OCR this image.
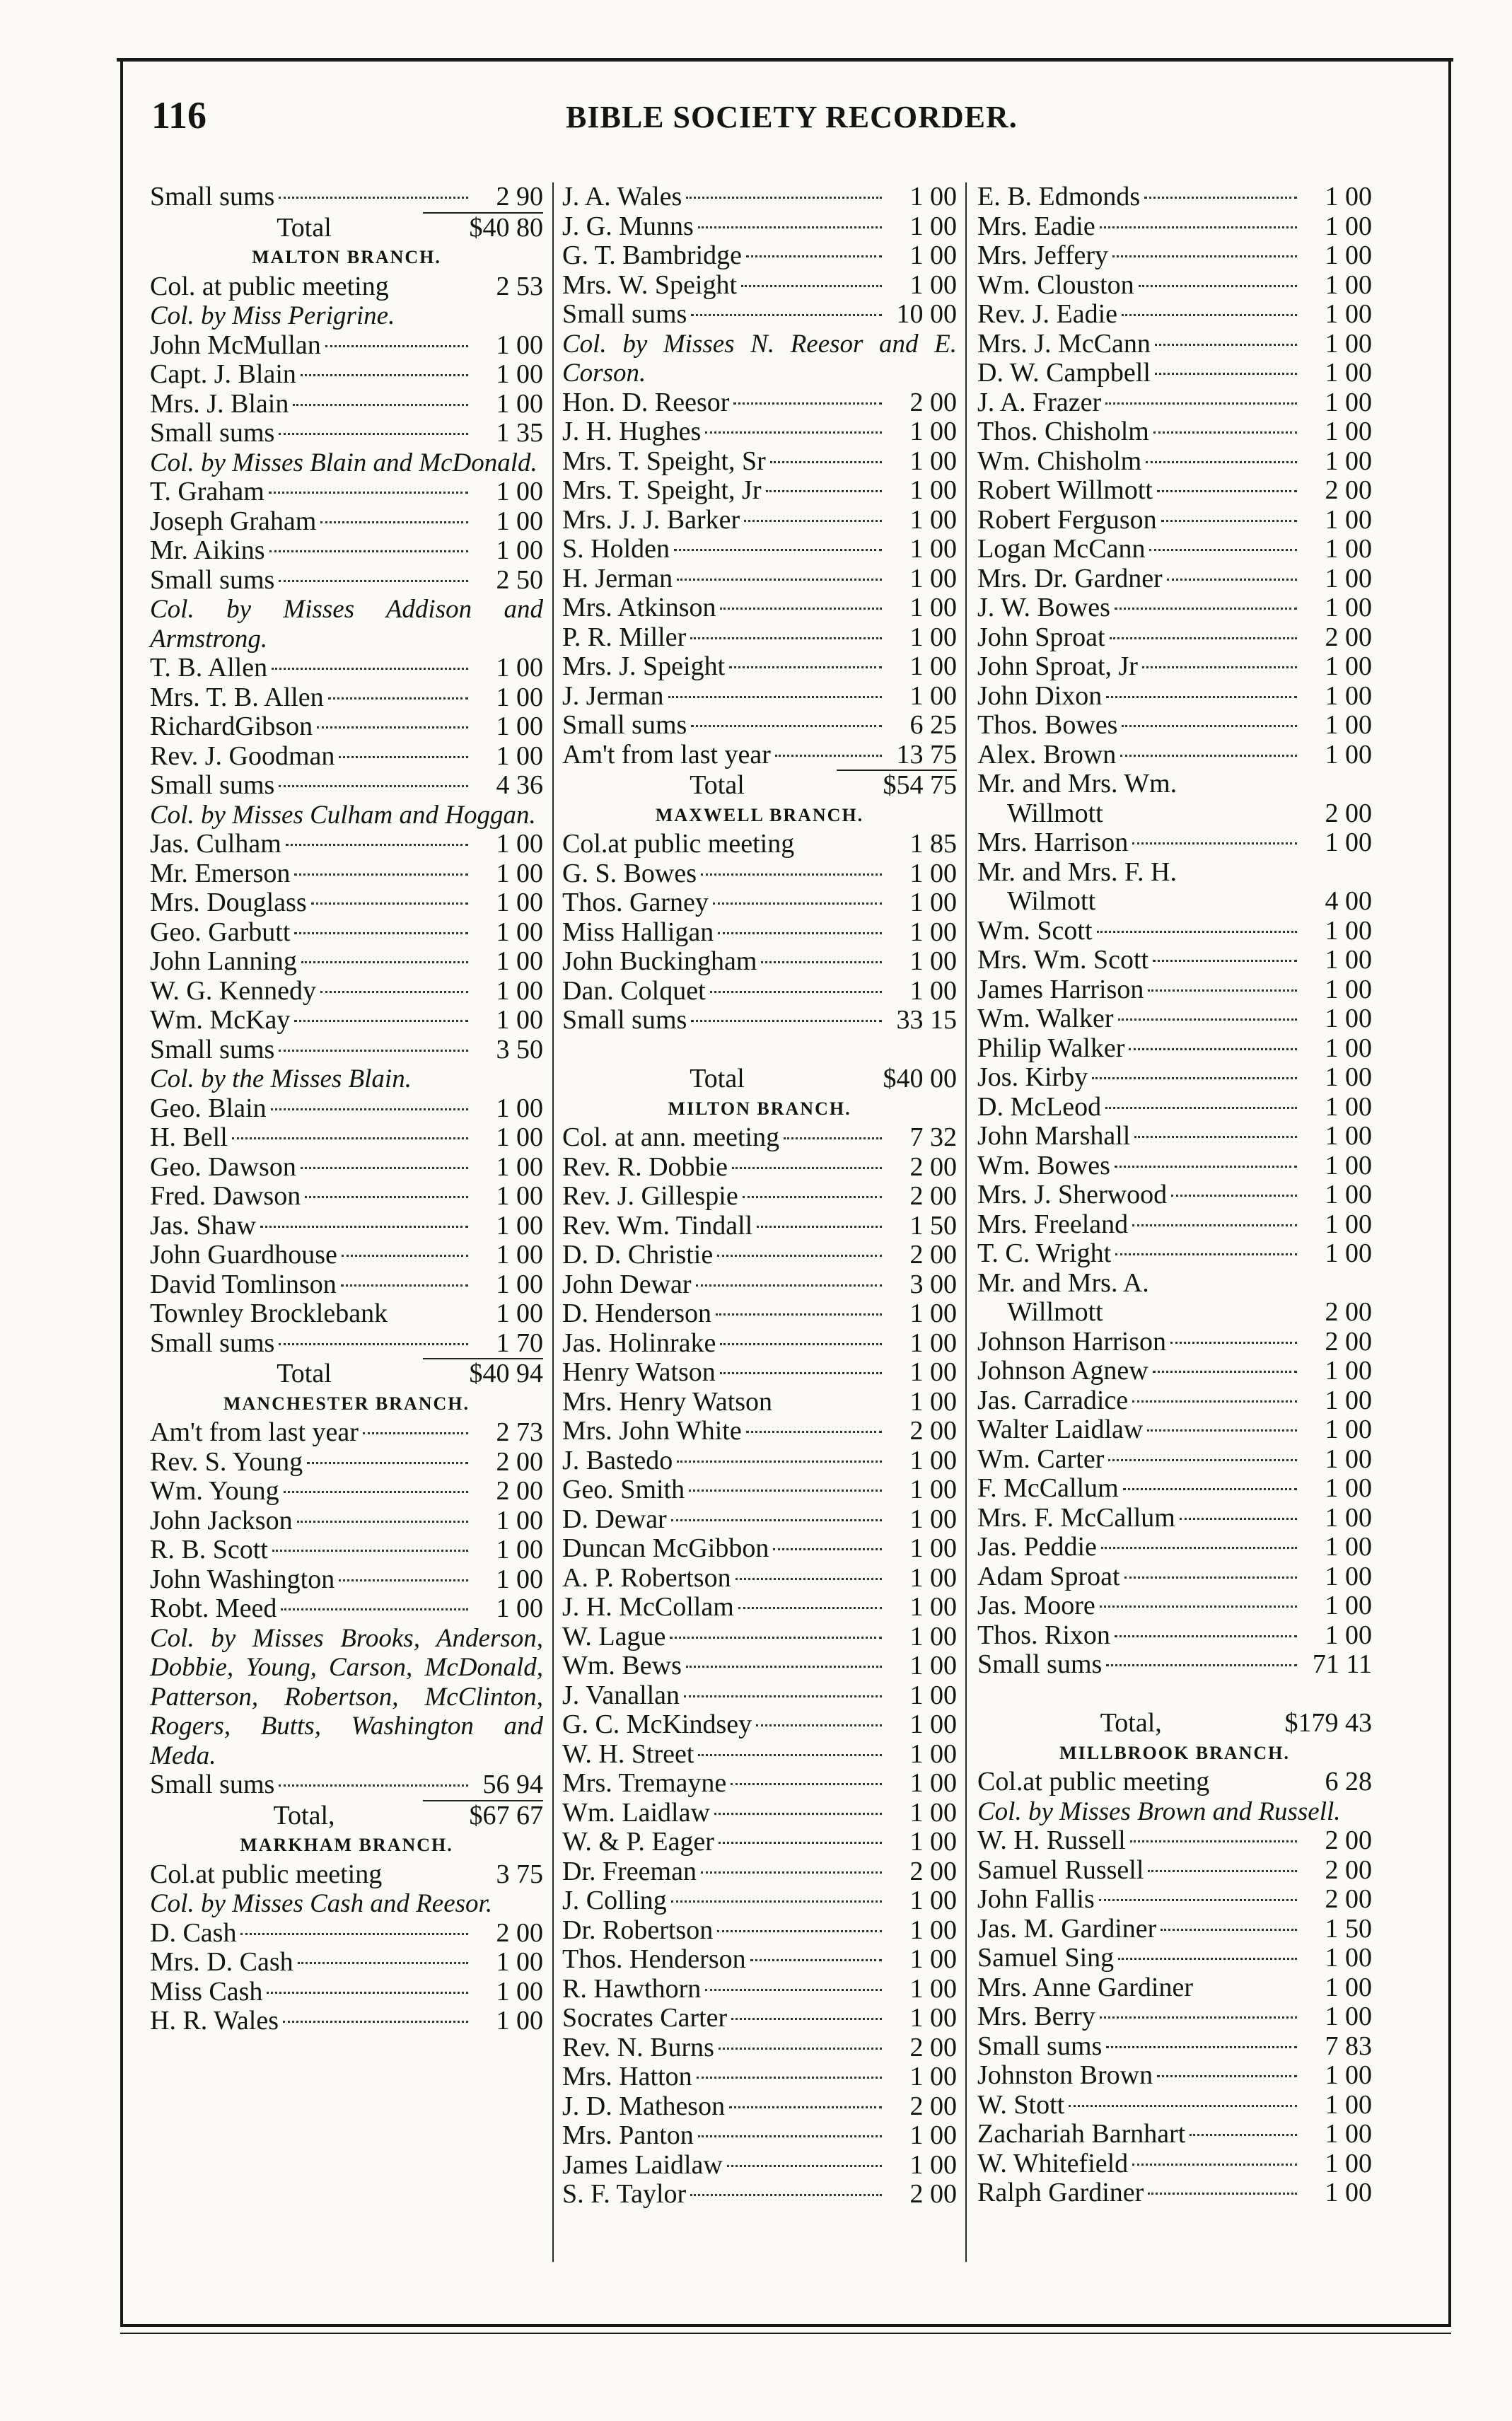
116	BIBLE SOCIETY RECORDER.
Small sums	2 90
Total	$40 80
MALTON BRANCH.
Col. at public meeting	2 53
Col. by Miss Perigrine.
John McMullan	1 00
Capt. J. Blain	1 00
Mrs. J. Blain	1 00
Small sums	1 35
Col. by Misses Blain and McDonald.
T. Graham	1 00
Joseph Graham	1 00
Mr. Aikins	1 00
Small sums	2 50
Col. by Misses Addison and Armstrong.
T. B. Allen	1 00
Mrs. T. B. Allen	1 00
RichardGibson	1 00
Rev. J. Goodman	1 00
Small sums	4 36
Col. by Misses Culham and Hoggan.
Jas. Culham	1 00
Mr. Emerson	1 00
Mrs. Douglass	1 00
Geo. Garbutt	1 00
John Lanning	1 00
W. G. Kennedy	1 00
Wm. McKay	1 00
Small sums	3 50
Col. by the Misses Blain.
Geo. Blain	1 00
H. Bell	1 00
Geo. Dawson	1 00
Fred. Dawson	1 00
Jas. Shaw	1 00
John Guardhouse	1 00
David Tomlinson	1 00
Townley Brocklebank	1 00
Small sums	1 70
Total	$40 94
MANCHESTER BRANCH.
Am't from last year	2 73
Rev. S. Young	2 00
Wm. Young	2 00
John Jackson	1 00
R. B. Scott	1 00
John Washington	1 00
Robt. Meed	1 00
Col. by Misses Brooks, Anderson, Dobbie, Young, Carson, McDonald, Patterson, Robertson, McClinton, Rogers, Butts, Washington and Meda.
Small sums	56 94
Total,	$67 67
MARKHAM BRANCH.
Col.at public meeting	3 75
Col. by Misses Cash and Reesor.
D. Cash	2 00
Mrs. D. Cash	1 00
Miss Cash	1 00
H. R. Wales	1 00
J. A. Wales	1 00
J. G. Munns	1 00
G. T. Bambridge	1 00
Mrs. W. Speight	1 00
Small sums	10 00
Col. by Misses N. Reesor and E. Corson.
Hon. D. Reesor	2 00
J. H. Hughes	1 00
Mrs. T. Speight, Sr	1 00
Mrs. T. Speight, Jr	1 00
Mrs. J. J. Barker	1 00
S. Holden	1 00
H. Jerman	1 00
Mrs. Atkinson	1 00
P. R. Miller	1 00
Mrs. J. Speight	1 00
J. Jerman	1 00
Small sums	6 25
Am't from last year	13 75
Total	$54 75
MAXWELL BRANCH.
Col.at public meeting	1 85
G. S. Bowes	1 00
Thos. Garney	1 00
Miss Halligan	1 00
John Buckingham	1 00
Dan. Colquet	1 00
Small sums	33 15
Total	$40 00
MILTON BRANCH.
Col. at ann. meeting	7 32
Rev. R. Dobbie	2 00
Rev. J. Gillespie	2 00
Rev. Wm. Tindall	1 50
D. D. Christie	2 00
John Dewar	3 00
D. Henderson	1 00
Jas. Holinrake	1 00
Henry Watson	1 00
Mrs. Henry Watson	1 00
Mrs. John White	2 00
J. Bastedo	1 00
Geo. Smith	1 00
D. Dewar	1 00
Duncan McGibbon	1 00
A. P. Robertson	1 00
J. H. McCollam	1 00
W. Lague	1 00
Wm. Bews	1 00
J. Vanallan	1 00
G. C. McKindsey	1 00
W. H. Street	1 00
Mrs. Tremayne	1 00
Wm. Laidlaw	1 00
W. & P. Eager	1 00
Dr. Freeman	2 00
J. Colling	1 00
Dr. Robertson	1 00
Thos. Henderson	1 00
R. Hawthorn	1 00
Socrates Carter	1 00
Rev. N. Burns	2 00
Mrs. Hatton	1 00
J. D. Matheson	2 00
Mrs. Panton	1 00
James Laidlaw	1 00
S. F. Taylor	2 00
E. B. Edmonds	1 00
Mrs. Eadie	1 00
Mrs. Jeffery	1 00
Wm. Clouston	1 00
Rev. J. Eadie	1 00
Mrs. J. McCann	1 00
D. W. Campbell	1 00
J. A. Frazer	1 00
Thos. Chisholm	1 00
Wm. Chisholm	1 00
Robert Willmott	2 00
Robert Ferguson	1 00
Logan McCann	1 00
Mrs. Dr. Gardner	1 00
J. W. Bowes	1 00
John Sproat	2 00
John Sproat, Jr	1 00
John Dixon	1 00
Thos. Bowes	1 00
Alex. Brown	1 00
Mr. and Mrs. Wm.
Willmott	2 00
Mrs. Harrison	1 00
Mr. and Mrs. F. H.
Wilmott	4 00
Wm. Scott	1 00
Mrs. Wm. Scott	1 00
James Harrison	1 00
Wm. Walker	1 00
Philip Walker	1 00
Jos. Kirby	1 00
D. McLeod	1 00
John Marshall	1 00
Wm. Bowes	1 00
Mrs. J. Sherwood	1 00
Mrs. Freeland	1 00
T. C. Wright	1 00
Mr. and Mrs. A.
Willmott	2 00
Johnson Harrison	2 00
Johnson Agnew	1 00
Jas. Carradice	1 00
Walter Laidlaw	1 00
Wm. Carter	1 00
F. McCallum	1 00
Mrs. F. McCallum	1 00
Jas. Peddie	1 00
Adam Sproat	1 00
Jas. Moore	1 00
Thos. Rixon	1 00
Small sums	71 11
Total,	$179 43
MILLBROOK BRANCH.
Col.at public meeting	6 28
Col. by Misses Brown and Russell.
W. H. Russell	2 00
Samuel Russell	2 00
John Fallis	2 00
Jas. M. Gardiner	1 50
Samuel Sing	1 00
Mrs. Anne Gardiner	1 00
Mrs. Berry	1 00
Small sums	7 83
Johnston Brown	1 00
W. Stott	1 00
Zachariah Barnhart	1 00
W. Whitefield	1 00
Ralph Gardiner	1 00
